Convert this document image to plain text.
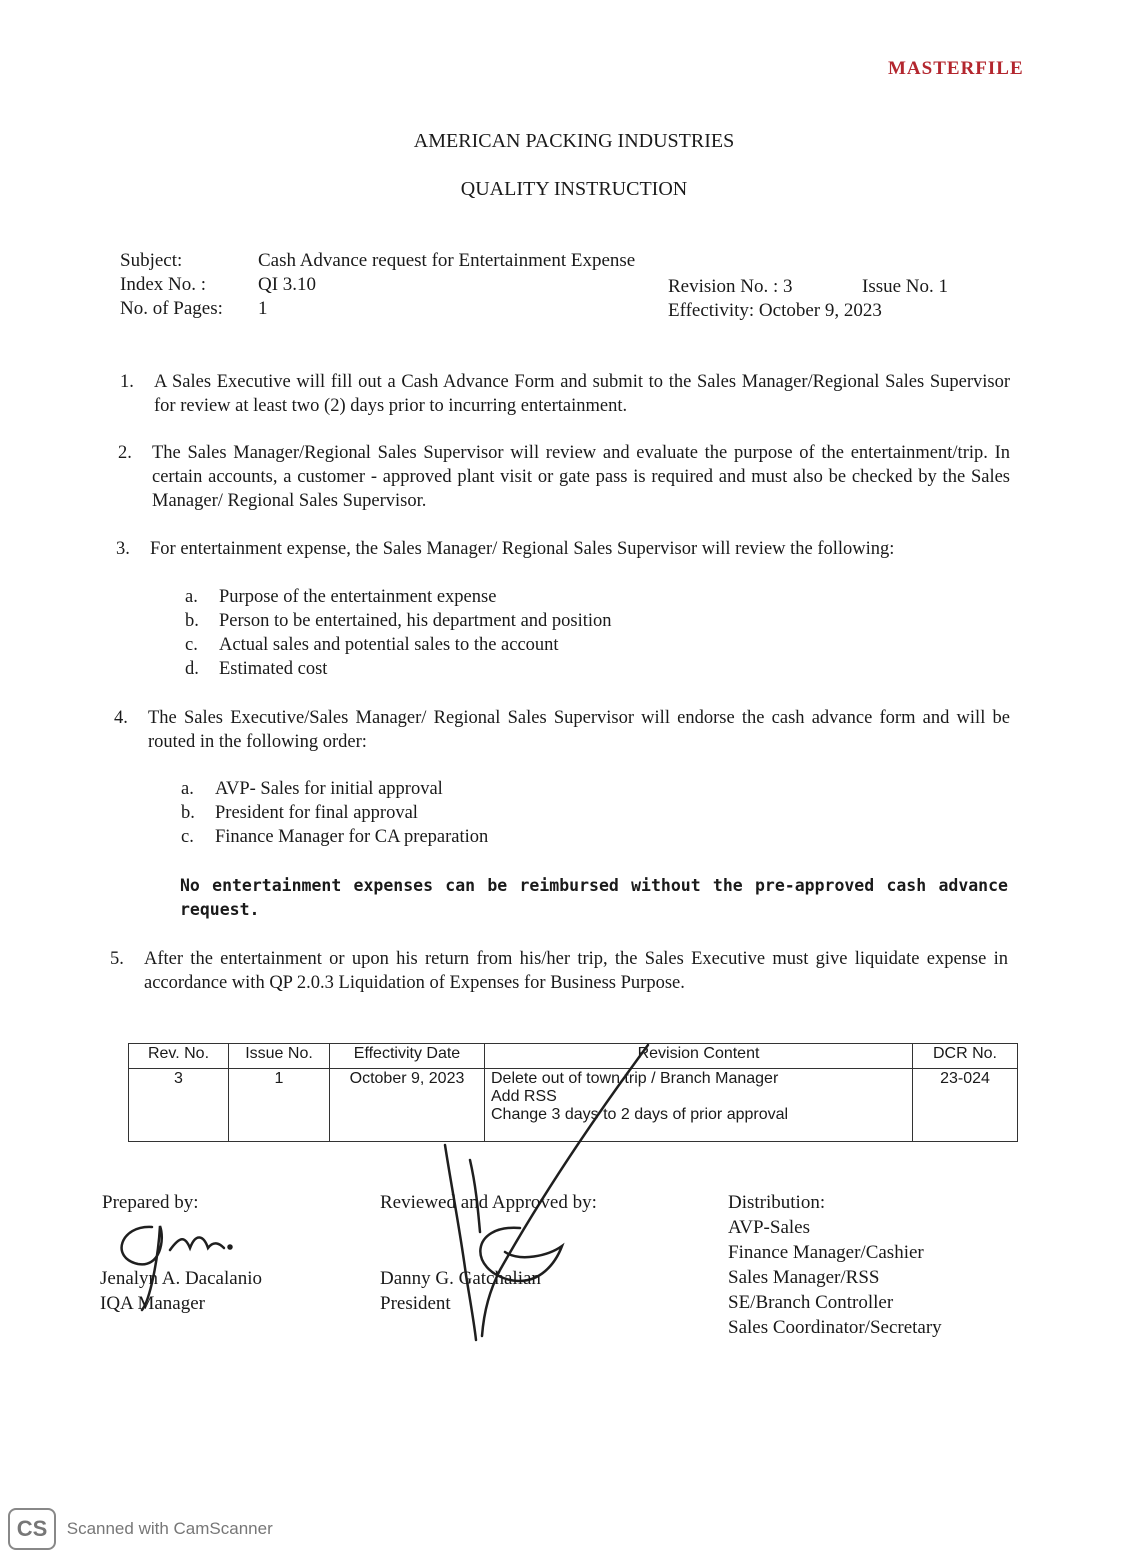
MASTERFILE
AMERICAN PACKING INDUSTRIES
QUALITY INSTRUCTION
Subject:	Cash Advance request for Entertainment Expense
Index No. :	QI 3.10
No. of Pages: 1
Revision No. : 3	Issue No. 1
Effectivity: October 9, 2023
1. A Sales Executive will fill out a Cash Advance Form and submit to the Sales Manager/Regional Sales Supervisor for review at least two (2) days prior to incurring entertainment.
2. The Sales Manager/Regional Sales Supervisor will review and evaluate the purpose of the entertainment/trip. In certain accounts, a customer - approved plant visit or gate pass is required and must also be checked by the Sales Manager/ Regional Sales Supervisor.
3. For entertainment expense, the Sales Manager/ Regional Sales Supervisor will review the following:
a. Purpose of the entertainment expense
b. Person to be entertained, his department and position
c. Actual sales and potential sales to the account
d. Estimated cost
4. The Sales Executive/Sales Manager/ Regional Sales Supervisor will endorse the cash advance form and will be routed in the following order:
a. AVP- Sales for initial approval
b. President for final approval
c. Finance Manager for CA preparation
No entertainment expenses can be reimbursed without the pre-approved cash advance request.
5. After the entertainment or upon his return from his/her trip, the Sales Executive must give liquidate expense in accordance with QP 2.0.3 Liquidation of Expenses for Business Purpose.
Rev. No.	Issue No.	Effectivity Date	Revision Content	DCR No.
3	1	October 9, 2023	Delete out of town trip / Branch Manager
Add RSS
Change 3 days to 2 days of prior approval	23-024
Prepared by:
Jenalyn A. Dacalanio
IQA Manager
Reviewed and Approved by:
Danny G. Gatchalian
President
Distribution:
AVP-Sales
Finance Manager/Cashier
Sales Manager/RSS
SE/Branch Controller
Sales Coordinator/Secretary
CS Scanned with CamScanner
